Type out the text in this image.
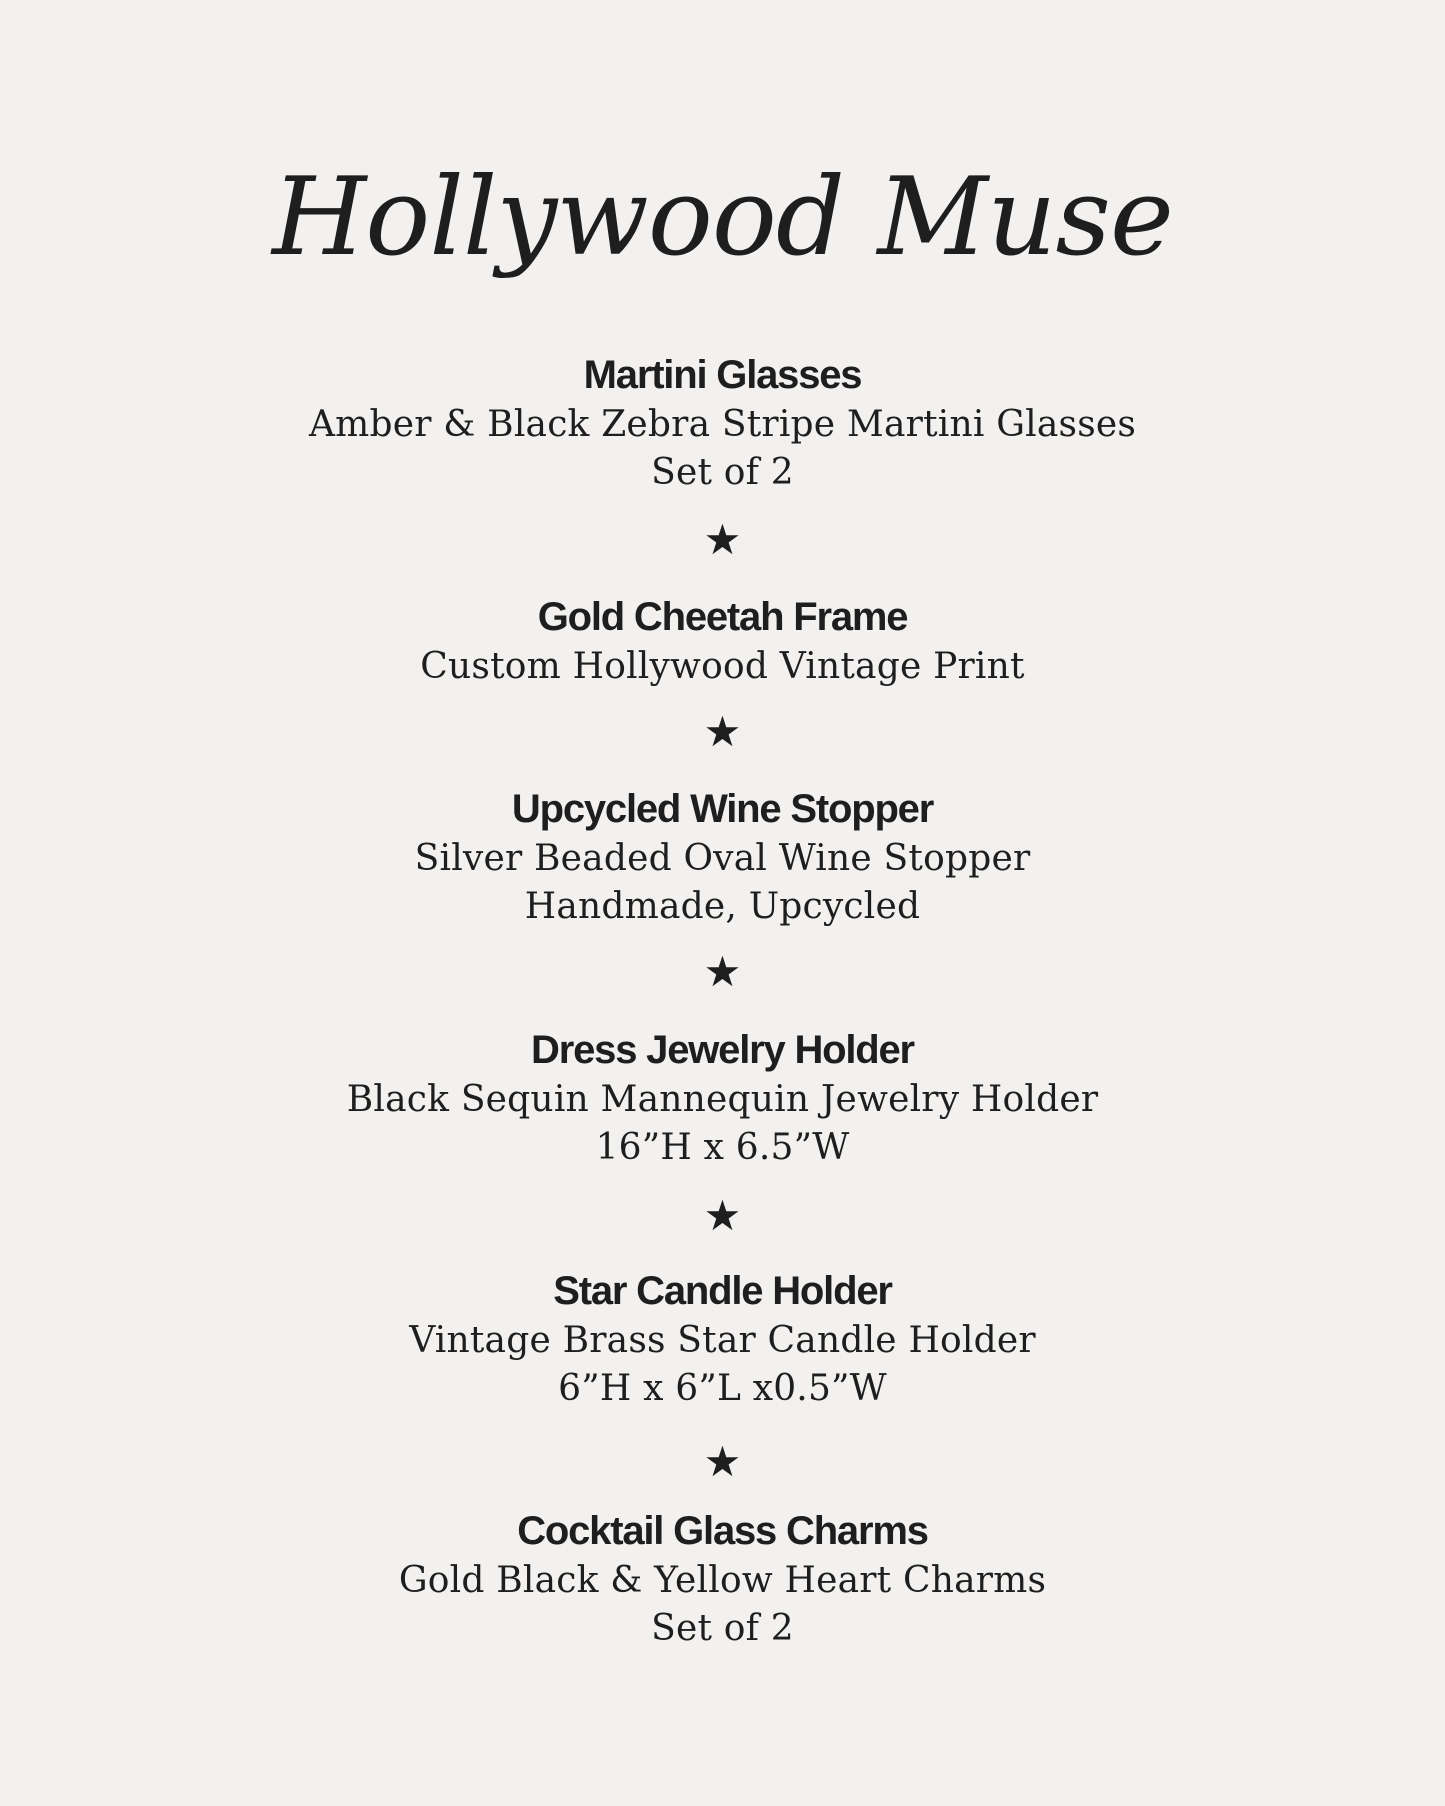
Hollywood Muse
Martini Glasses
Amber & Black Zebra Stripe Martini Glasses
Set of 2
★
Gold Cheetah Frame
Custom Hollywood Vintage Print
★
Upcycled Wine Stopper
Silver Beaded Oval Wine Stopper
Handmade, Upcycled
★
Dress Jewelry Holder
Black Sequin Mannequin Jewelry Holder
16”H x 6.5”W
★
Star Candle Holder
Vintage Brass Star Candle Holder
6”H x 6”L x0.5”W
★
Cocktail Glass Charms
Gold Black & Yellow Heart Charms
Set of 2
